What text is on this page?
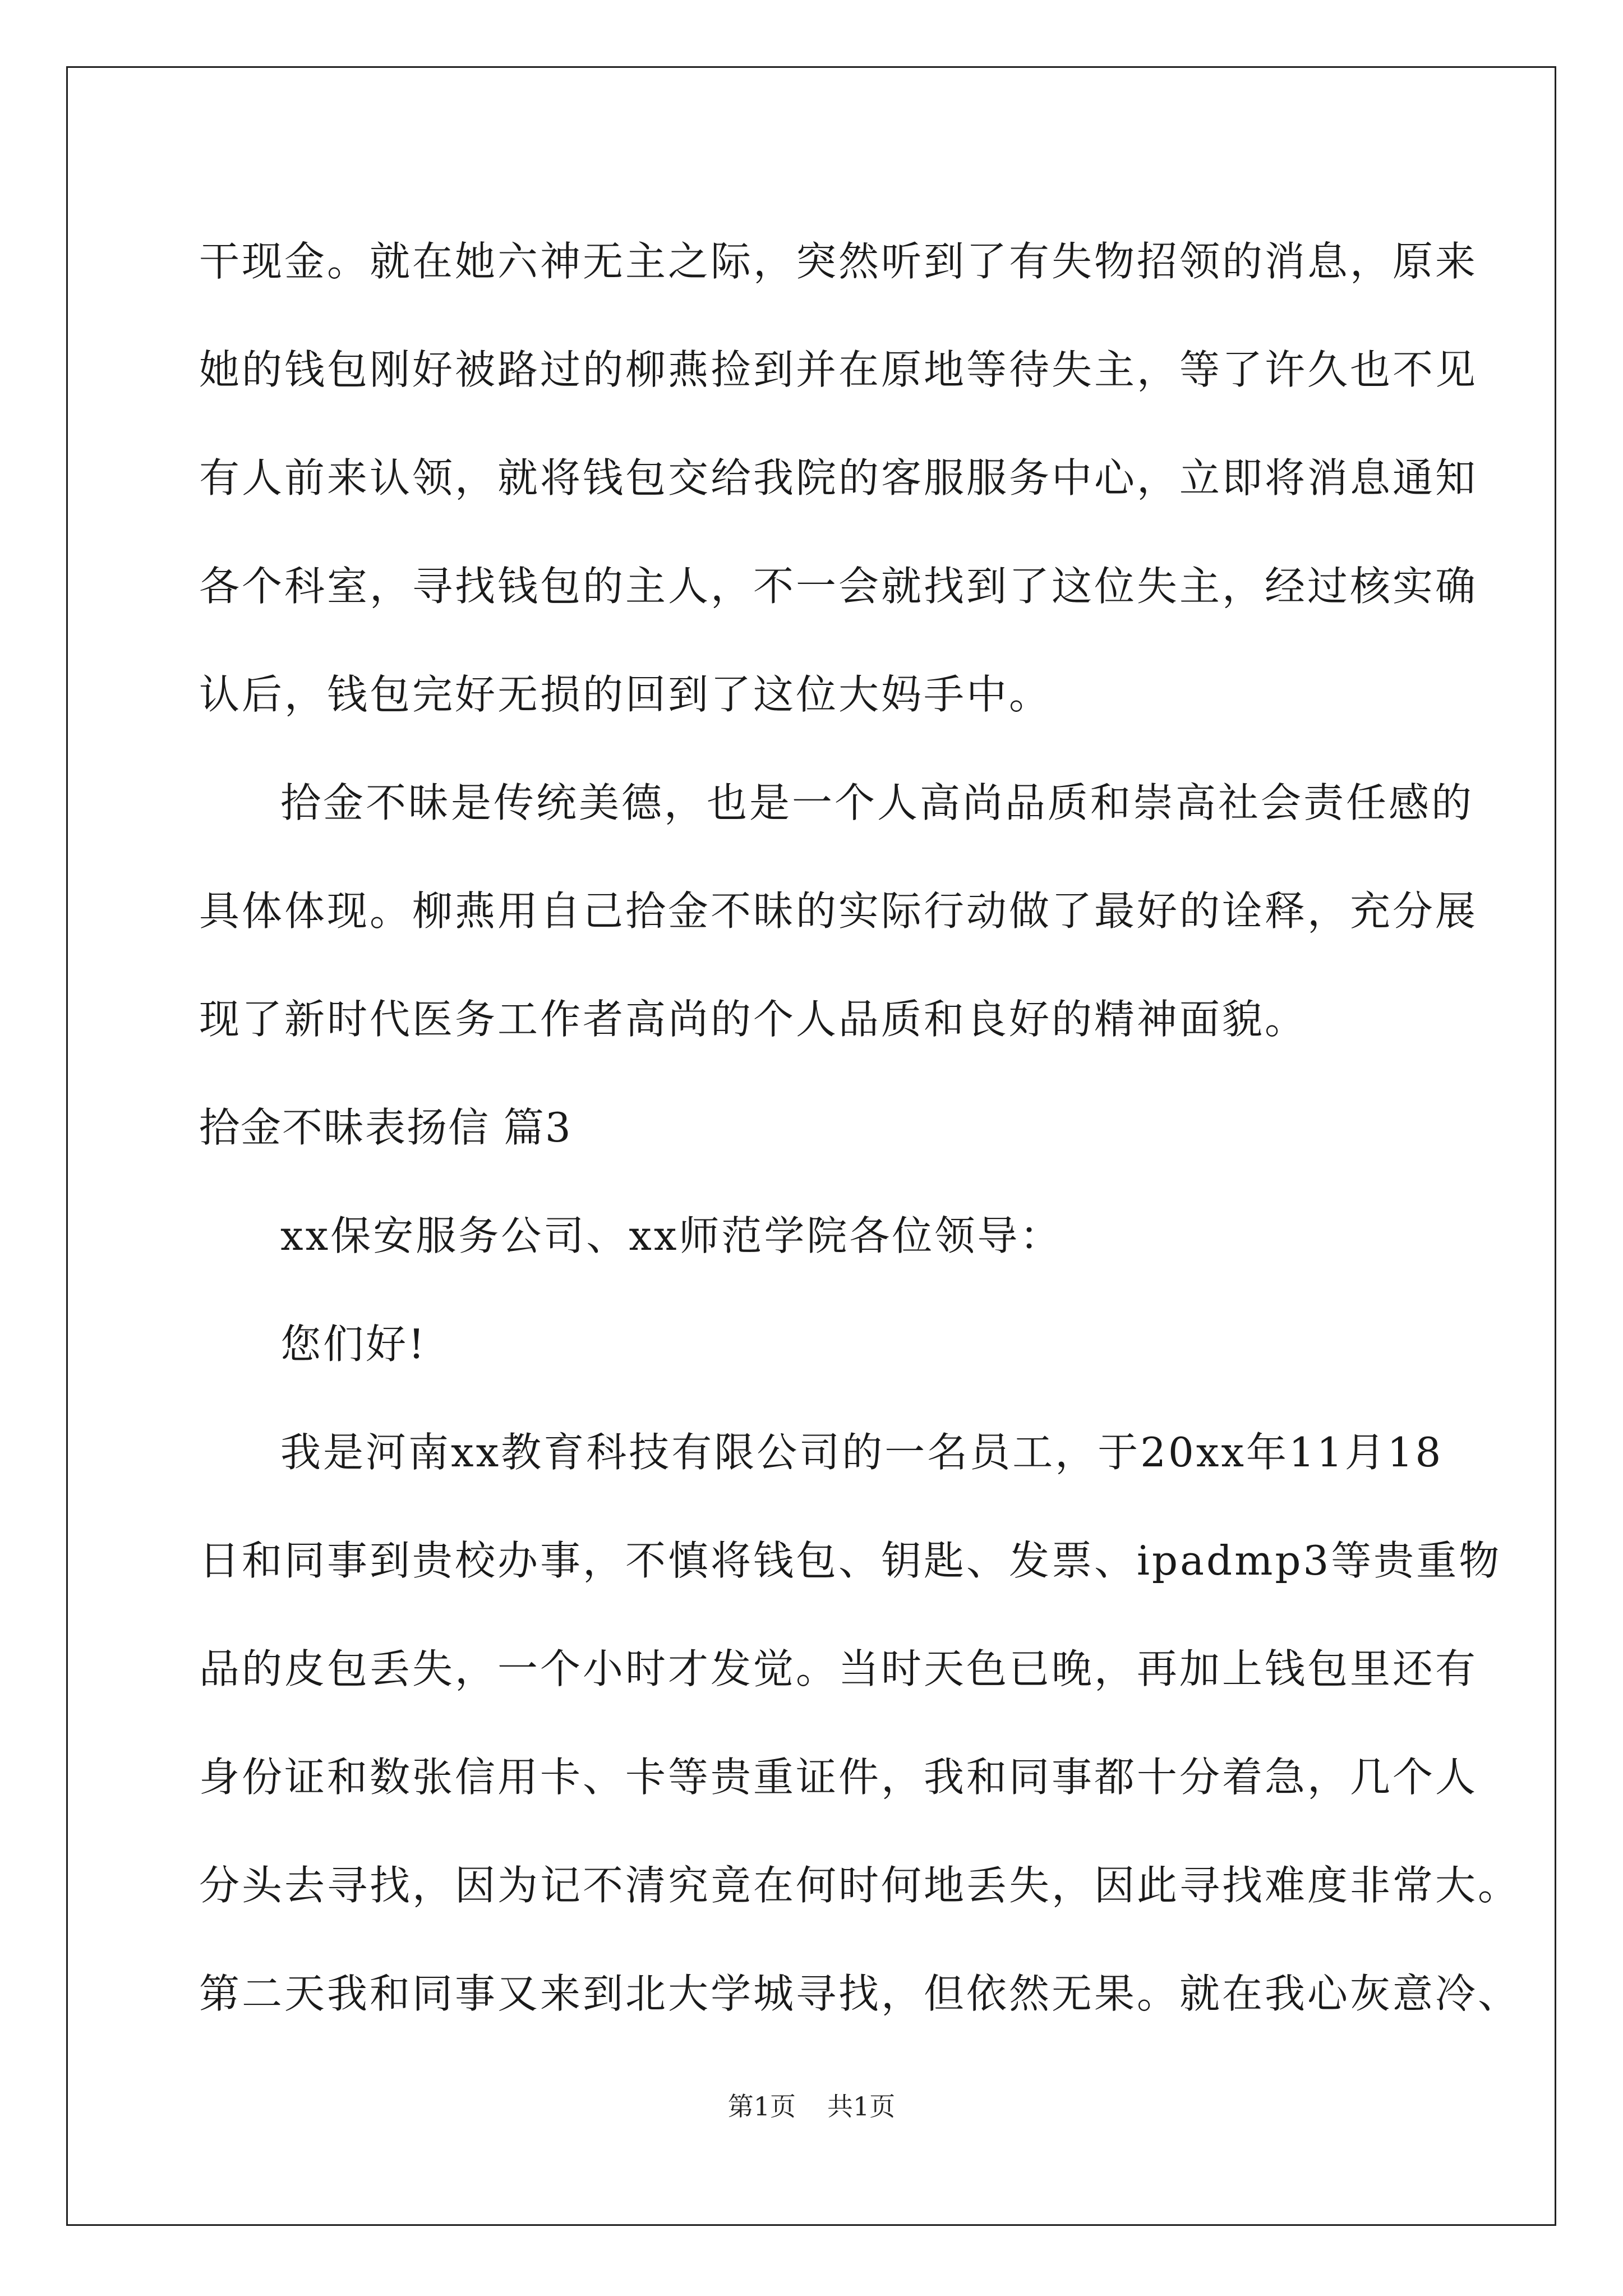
干现金。就在她六神无主之际，突然听到了有失物招领的消息，原来
她的钱包刚好被路过的柳燕捡到并在原地等待失主，等了许久也不见
有人前来认领，就将钱包交给我院的客服服务中心，立即将消息通知
各个科室，寻找钱包的主人，不一会就找到了这位失主，经过核实确
认后，钱包完好无损的回到了这位大妈手中。
拾金不昧是传统美德，也是一个人高尚品质和崇高社会责任感的
具体体现。柳燕用自己拾金不昧的实际行动做了最好的诠释，充分展
现了新时代医务工作者高尚的个人品质和良好的精神面貌。
拾金不昧表扬信 篇3
xx保安服务公司、xx师范学院各位领导：
您们好!
我是河南xx教育科技有限公司的一名员工，于20xx年11月18
日和同事到贵校办事，不慎将钱包、钥匙、发票、ipadmp3等贵重物
品的皮包丢失，一个小时才发觉。当时天色已晚，再加上钱包里还有
身份证和数张信用卡、卡等贵重证件，我和同事都十分着急，几个人
分头去寻找，因为记不清究竟在何时何地丢失，因此寻找难度非常大。
第二天我和同事又来到北大学城寻找，但依然无果。就在我心灰意冷、
第1页 共1页
